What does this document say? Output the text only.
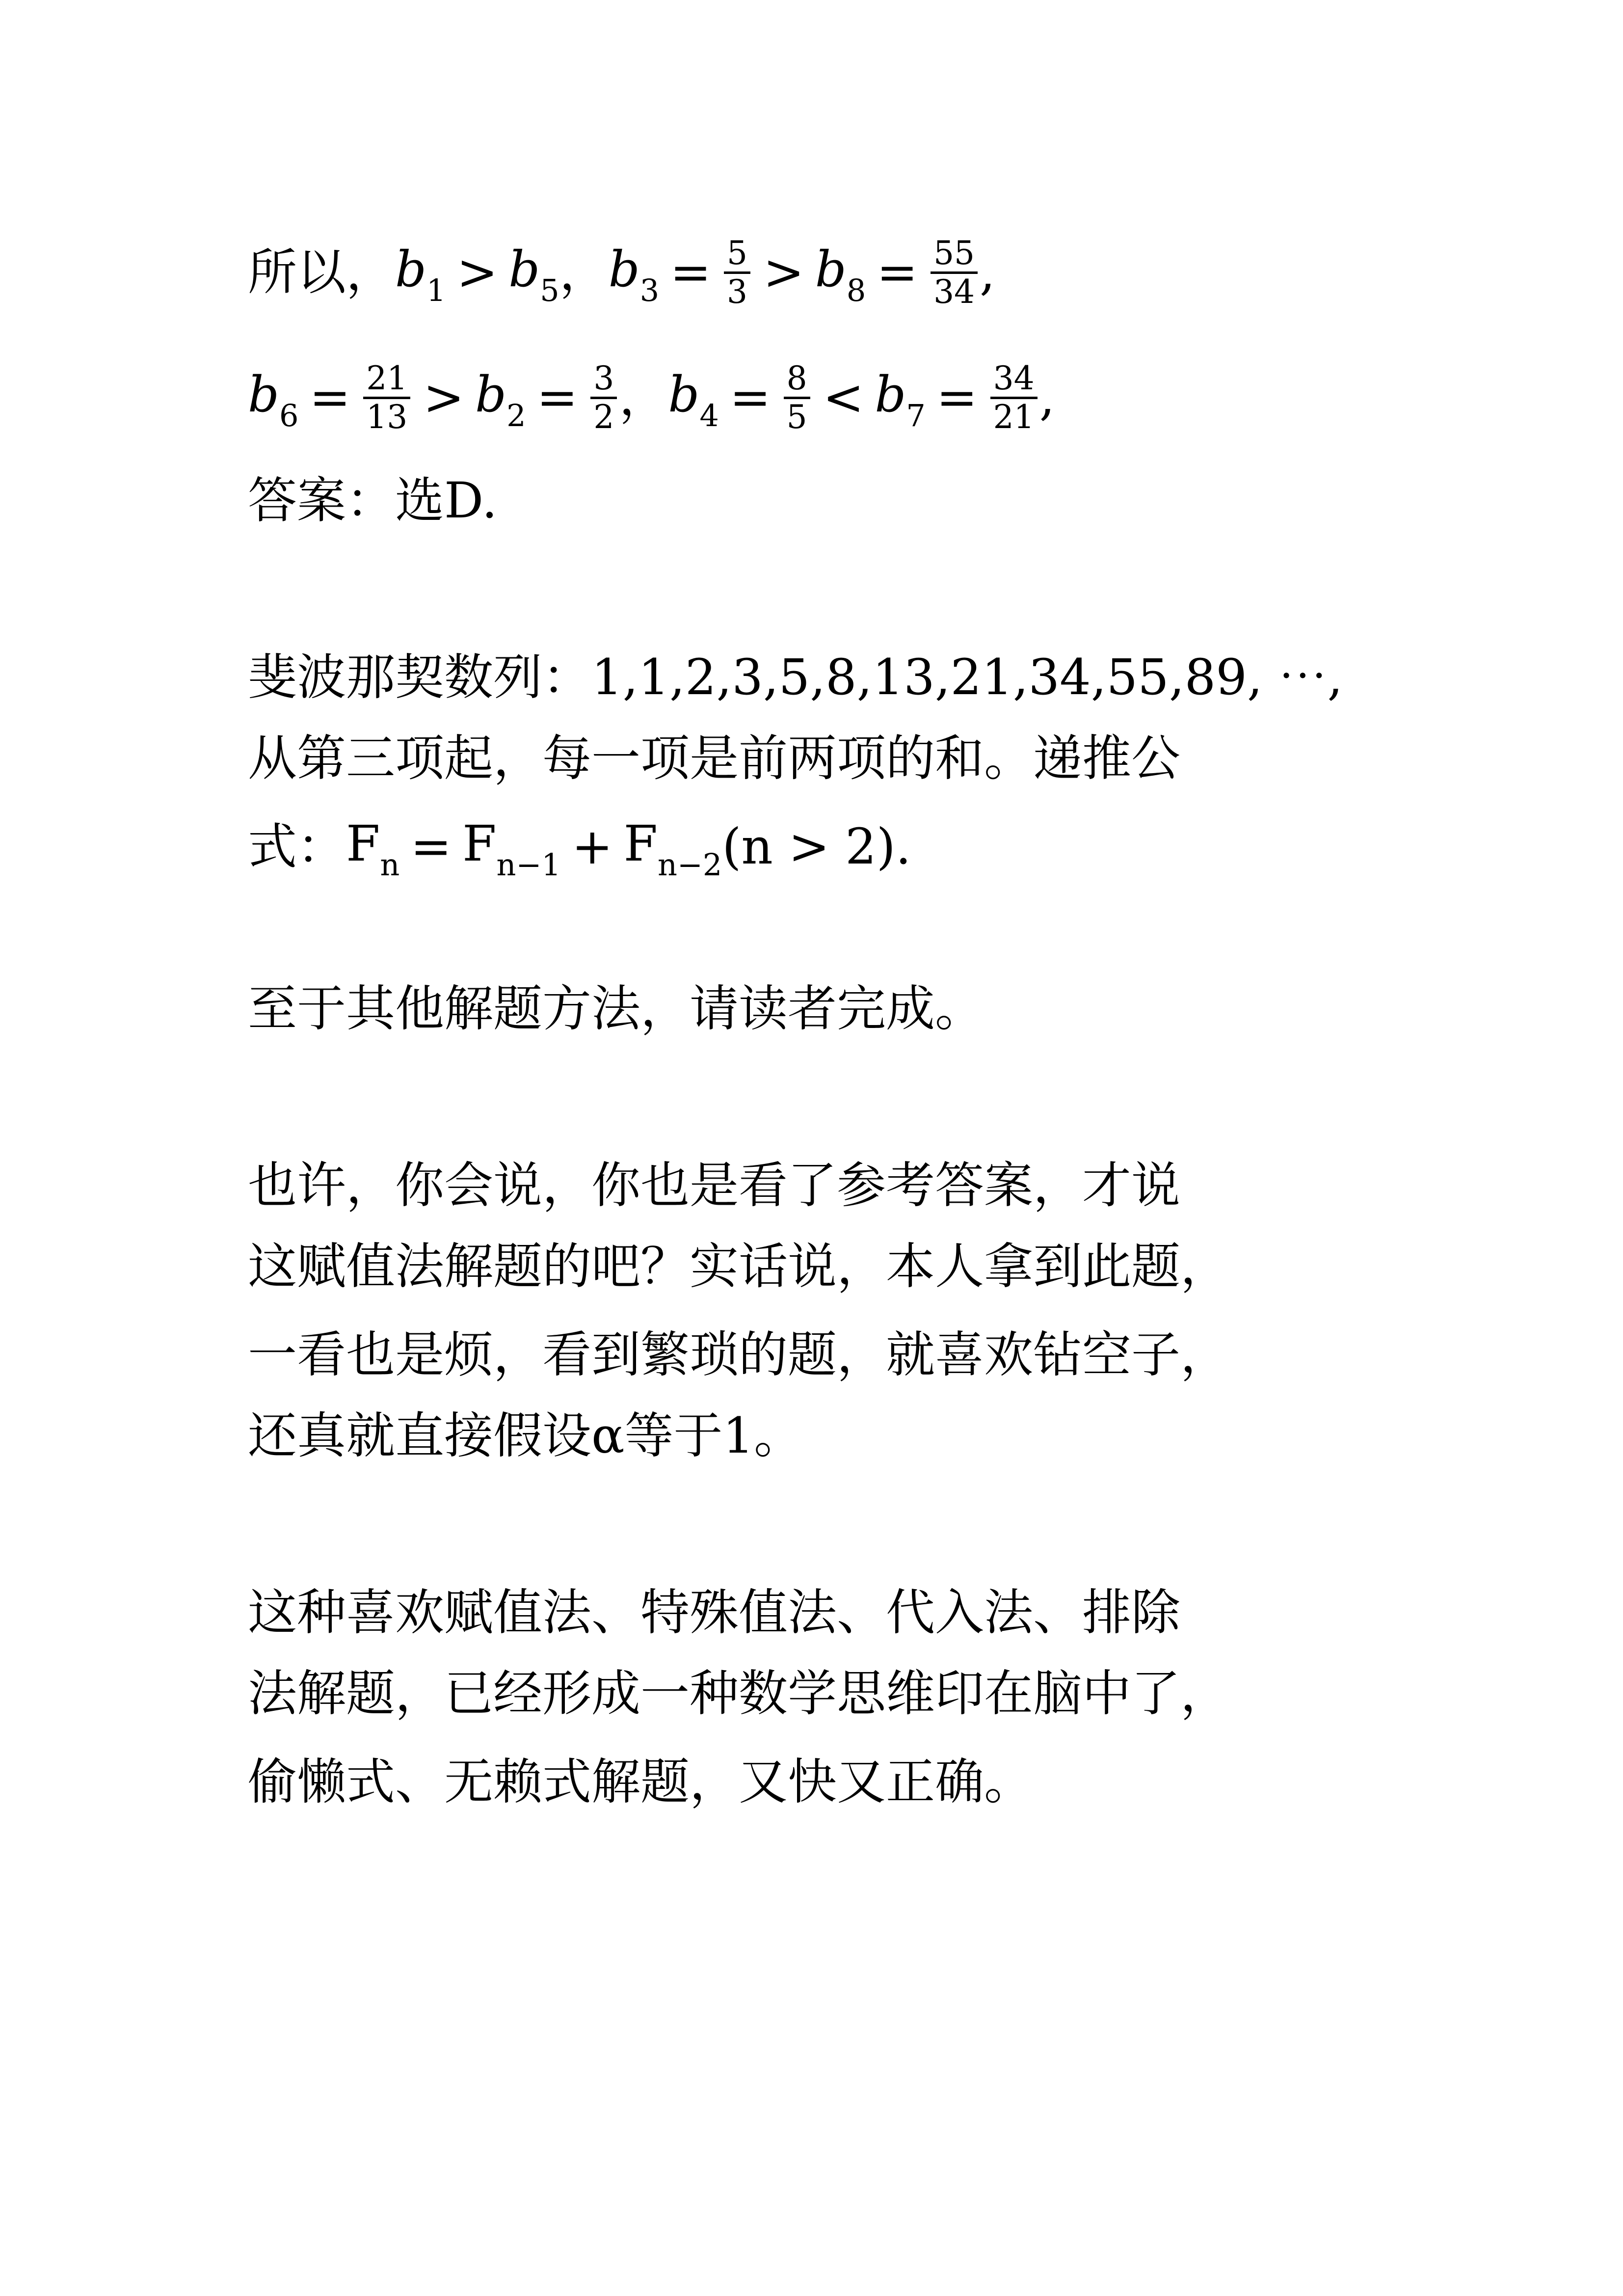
所以， $b_1 > b_5$ ， $b_3 = \frac{5}{3} > b_8 = \frac{55}{34}$ ,
$b_6 = \frac{21}{13} > b_2 = \frac{3}{2}$ ， $b_4 = \frac{8}{5} < b_7 = \frac{34}{21}$ ,
答案：选D.
斐波那契数列：1,1,2,3,5,8,13,21,34,55,89, ⋯,
从第三项起，每一项是前两项的和。递推公
式： $F_n = F_{n-1} + F_{n-2}$ (n > 2).
至于其他解题方法，请读者完成。
也许，你会说，你也是看了参考答案，才说
这赋值法解题的吧？实话说，本人拿到此题，
一看也是烦，看到繁琐的题，就喜欢钻空子，
还真就直接假设α等于1。
这种喜欢赋值法、特殊值法、代入法、排除
法解题，已经形成一种数学思维印在脑中了，
偷懒式、无赖式解题，又快又正确。
